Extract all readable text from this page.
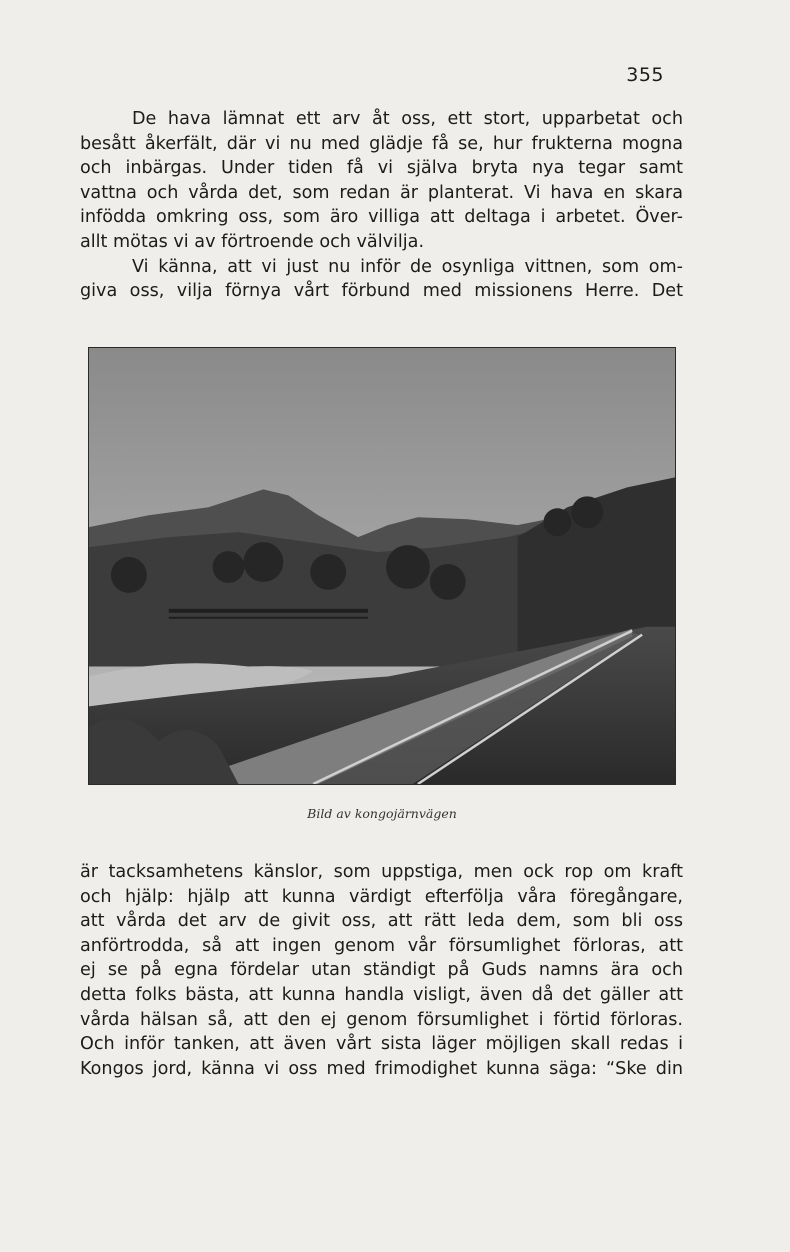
355
De hava lämnat ett arv åt oss, ett stort, upparbetat och
besått åkerfält, där vi nu med glädje få se, hur frukterna mogna
och inbärgas. Under tiden få vi själva bryta nya tegar samt
vattna och vårda det, som redan är planterat. Vi hava en skara
infödda omkring oss, som äro villiga att deltaga i arbetet. Över-
allt mötas vi av förtroende och välvilja.
Vi känna, att vi just nu inför de osynliga vittnen, som om-
giva oss, vilja förnya vårt förbund med missionens Herre. Det
Bild av kongojärnvägen
är tacksamhetens känslor, som uppstiga, men ock rop om kraft
och hjälp: hjälp att kunna värdigt efterfölja våra föregångare,
att vårda det arv de givit oss, att rätt leda dem, som bli oss
anförtrodda, så att ingen genom vår försumlighet förloras, att
ej se på egna fördelar utan ständigt på Guds namns ära och
detta folks bästa, att kunna handla visligt, även då det gäller att
vårda hälsan så, att den ej genom försumlighet i förtid förloras.
Och inför tanken, att även vårt sista läger möjligen skall redas i
Kongos jord, känna vi oss med frimodighet kunna säga: “Ske din
